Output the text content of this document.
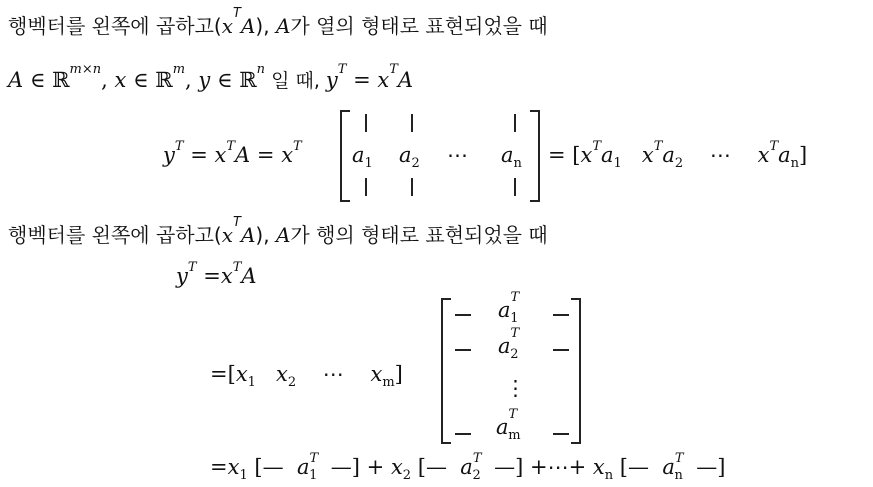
행벡터를 왼쪽에 곱하고$(x^TA)$, A가 열의 형태로 표현되었을 때
A ∈ ℝ$^{m\times n}$, x ∈ ℝ$^m$, y ∈ ℝ$^n$ 일 때, $y^T = x^TA$
$y^T = x^TA = x^T$ $a_1$ $a_2$ ⋯ $a_n = [x^Ta_1$ $x^Ta_2$ ⋯ $x^Ta_n$]
행벡터를 왼쪽에 곱하고$(x^TA)$, A가 행의 형태로 표현되었을 때
$y^T =x^TA$
$=[x_1$ $x_2$ ⋯ $x_m$]
$a^T_1$
$a^T_2$
⋮
$a^T_m$
$=x_1$ [—  $a^T_1$  —] + $x_2$ [—  $a^T_2$  —] +⋯+ $x_n$ [—  $a^T_n$  —]
